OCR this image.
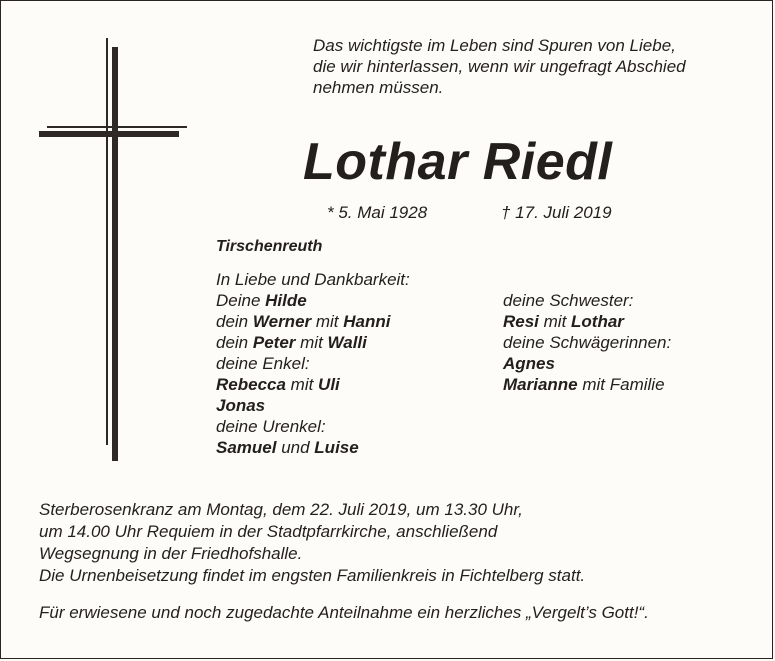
Das wichtigste im Leben sind Spuren von Liebe,
die wir hinterlassen, wenn wir ungefragt Abschied
nehmen müssen.
Lothar Riedl
* 5. Mai 1928	† 17. Juli 2019
Tirschenreuth
In Liebe und Dankbarkeit:
Deine Hilde
dein Werner mit Hanni
dein Peter mit Walli
deine Enkel:
Rebecca mit Uli
Jonas
deine Urenkel:
Samuel und Luise
deine Schwester:
Resi mit Lothar
deine Schwägerinnen:
Agnes
Marianne mit Familie
Sterberosenkranz am Montag, dem 22. Juli 2019, um 13.30 Uhr,
um 14.00 Uhr Requiem in der Stadtpfarrkirche, anschließend
Wegsegnung in der Friedhofshalle.
Die Urnenbeisetzung findet im engsten Familienkreis in Fichtelberg statt.
Für erwiesene und noch zugedachte Anteilnahme ein herzliches „Vergelt’s Gott!“.
